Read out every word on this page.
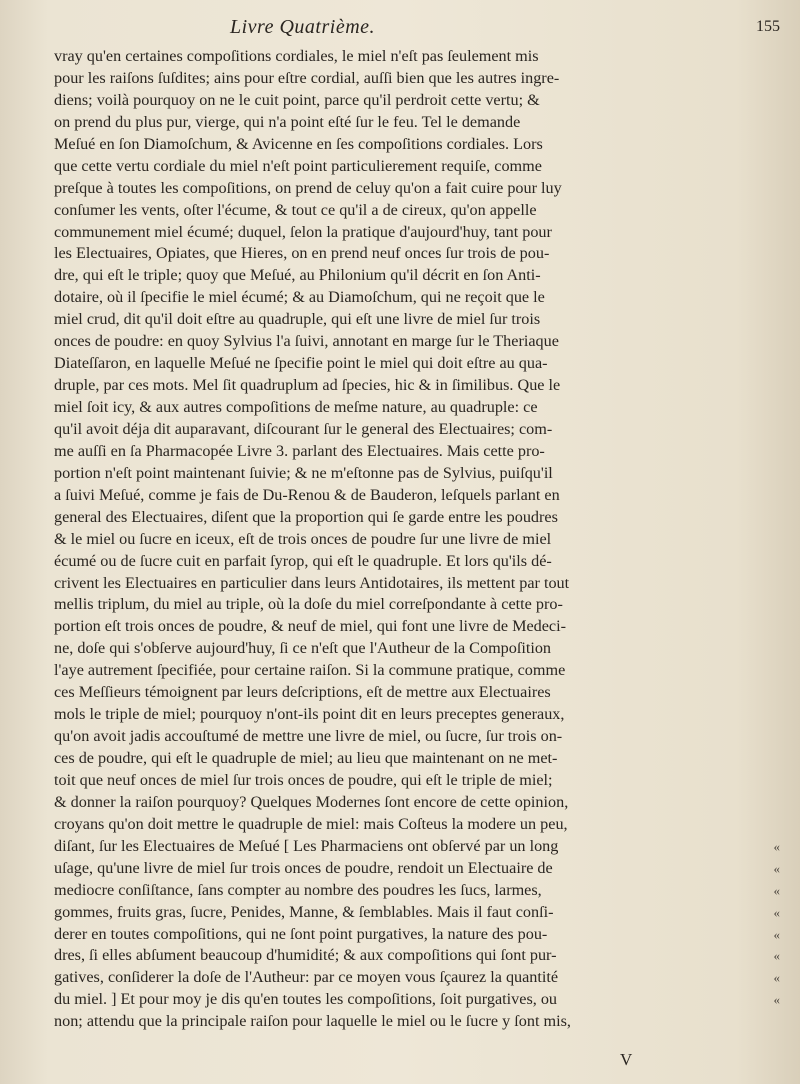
Livre Quatrième.	155
vray qu'en certaines compoſitions cordiales, le miel n'eſt pas ſeulement mis
pour les raiſons ſuſdites; ains pour eſtre cordial, auſſi bien que les autres ingre-
diens; voilà pourquoy on ne le cuit point, parce qu'il perdroit cette vertu; &
on prend du plus pur, vierge, qui n'a point eſté ſur le feu. Tel le demande
Meſué en ſon Diamoſchum, & Avicenne en ſes compoſitions cordiales. Lors
que cette vertu cordiale du miel n'eſt point particulierement requiſe, comme
preſque à toutes les compoſitions, on prend de celuy qu'on a fait cuire pour luy
conſumer les vents, oſter l'écume, & tout ce qu'il a de cireux, qu'on appelle
communement miel écumé; duquel, ſelon la pratique d'aujourd'huy, tant pour
les Electuaires, Opiates, que Hieres, on en prend neuf onces ſur trois de pou-
dre, qui eſt le triple; quoy que Meſué, au Philonium qu'il décrit en ſon Anti-
dotaire, où il ſpecifie le miel écumé; & au Diamoſchum, qui ne reçoit que le
miel crud, dit qu'il doit eſtre au quadruple, qui eſt une livre de miel ſur trois
onces de poudre: en quoy Sylvius l'a ſuivi, annotant en marge ſur le Theriaque
Diateſſaron, en laquelle Meſué ne ſpecifie point le miel qui doit eſtre au qua-
druple, par ces mots. Mel ſit quadruplum ad ſpecies, hic & in ſimilibus. Que le
miel ſoit icy, & aux autres compoſitions de meſme nature, au quadruple: ce
qu'il avoit déja dit auparavant, diſcourant ſur le general des Electuaires; com-
me auſſi en ſa Pharmacopée Livre 3. parlant des Electuaires. Mais cette pro-
portion n'eſt point maintenant ſuivie; & ne m'eſtonne pas de Sylvius, puiſqu'il
a ſuivi Meſué, comme je fais de Du-Renou & de Bauderon, leſquels parlant en
general des Electuaires, diſent que la proportion qui ſe garde entre les poudres
& le miel ou ſucre en iceux, eſt de trois onces de poudre ſur une livre de miel
écumé ou de ſucre cuit en parfait ſyrop, qui eſt le quadruple. Et lors qu'ils dé-
crivent les Electuaires en particulier dans leurs Antidotaires, ils mettent par tout
mellis triplum, du miel au triple, où la doſe du miel correſpondante à cette pro-
portion eſt trois onces de poudre, & neuf de miel, qui font une livre de Medeci-
ne, doſe qui s'obſerve aujourd'huy, ſi ce n'eſt que l'Autheur de la Compoſition
l'aye autrement ſpecifiée, pour certaine raiſon. Si la commune pratique, comme
ces Meſſieurs témoignent par leurs deſcriptions, eſt de mettre aux Electuaires
mols le triple de miel; pourquoy n'ont-ils point dit en leurs preceptes generaux,
qu'on avoit jadis accouſtumé de mettre une livre de miel, ou ſucre, ſur trois on-
ces de poudre, qui eſt le quadruple de miel; au lieu que maintenant on ne met-
toit que neuf onces de miel ſur trois onces de poudre, qui eſt le triple de miel;
& donner la raiſon pourquoy? Quelques Modernes ſont encore de cette opinion,
croyans qu'on doit mettre le quadruple de miel: mais Coſteus la modere un peu,
diſant, ſur les Electuaires de Meſué [ Les Pharmaciens ont obſervé par un long	«
uſage, qu'une livre de miel ſur trois onces de poudre, rendoit un Electuaire de	«
mediocre conſiſtance, ſans compter au nombre des poudres les ſucs, larmes,	«
gommes, fruits gras, ſucre, Penides, Manne, & ſemblables. Mais il faut conſi-	«
derer en toutes compoſitions, qui ne ſont point purgatives, la nature des pou-	«
dres, ſi elles abſument beaucoup d'humidité; & aux compoſitions qui ſont pur-	«
gatives, conſiderer la doſe de l'Autheur: par ce moyen vous ſçaurez la quantité	«
du miel. ] Et pour moy je dis qu'en toutes les compoſitions, ſoit purgatives, ou	«
non; attendu que la principale raiſon pour laquelle le miel ou le ſucre y ſont mis,
V
